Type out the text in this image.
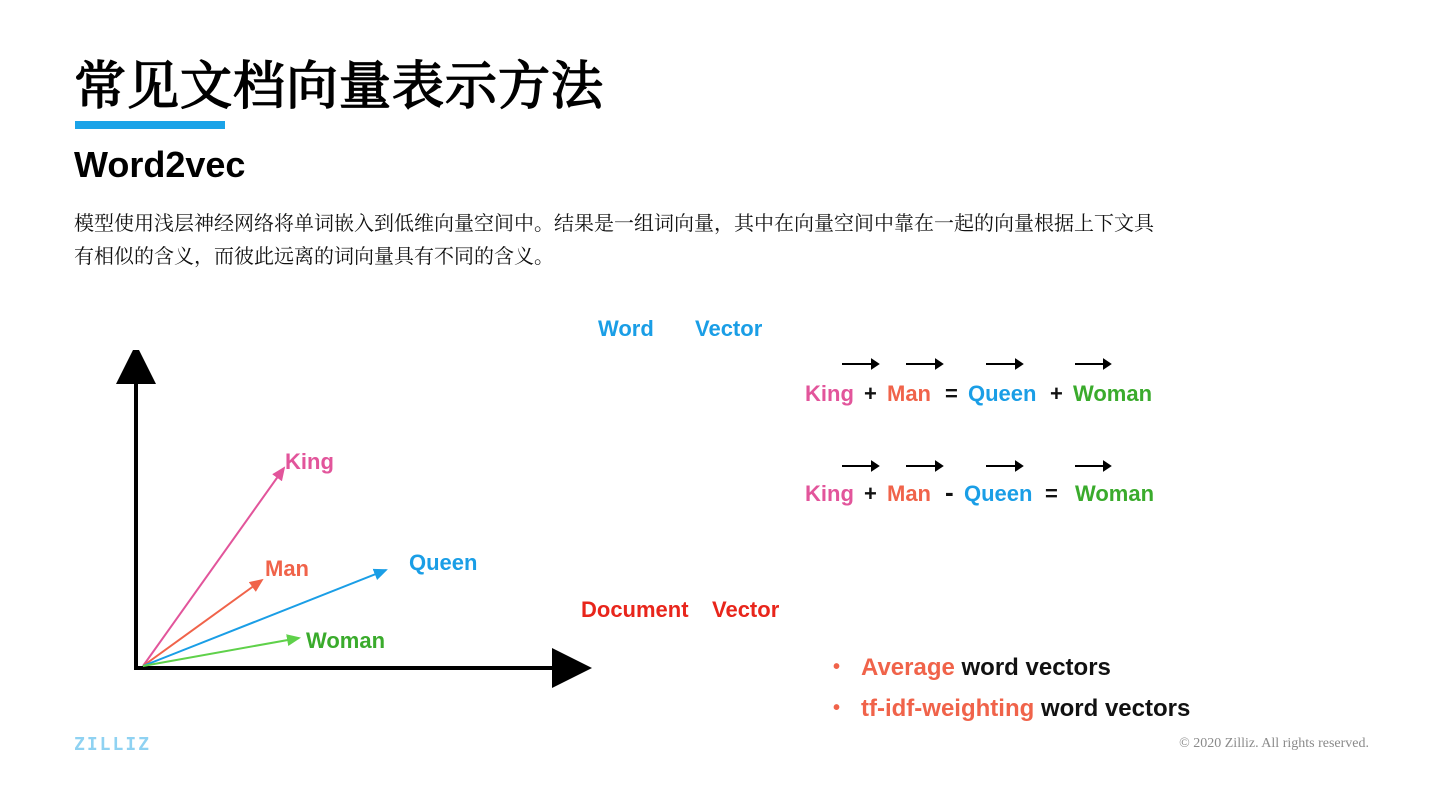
常见文档向量表示方法
Word2vec
模型使用浅层神经网络将单词嵌入到低维向量空间中。结果是一组词向量，其中在向量空间中靠在一起的向量根据上下文具有相似的含义，而彼此远离的词向量具有不同的含义。
King
Man	Queen
Woman
Word Vector
Document Vector
King + Man = Queen + Woman
King + Man - Queen = Woman
• Average word vectors
• tf-idf-weighting word vectors
ZILLIZ	© 2020 Zilliz. All rights reserved.
